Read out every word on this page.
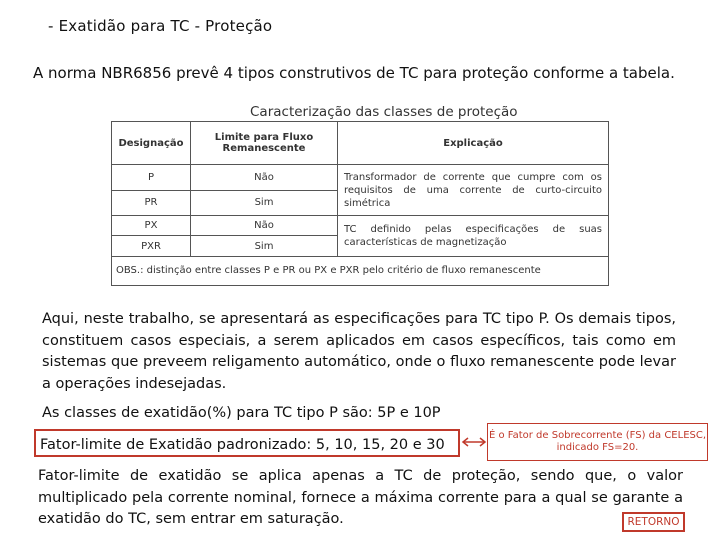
- Exatidão para TC - Proteção
A norma NBR6856 prevê 4 tipos construtivos de TC para proteção conforme a tabela.
Caracterização das classes de proteção
Designação	Limite para Fluxo Remanescente	Explicação
P	Não	Transformador de corrente que cumpre com os requisitos de uma corrente de curto-circuito simétrica
PR	Sim	
PX	Não	TC definido pelas especificações de suas características de magnetização
PXR	Sim	
OBS.: distinção entre classes P e PR ou PX e PXR pelo critério de fluxo remanescente		
Aqui, neste trabalho, se apresentará as especificações para TC tipo P. Os demais tipos, constituem casos especiais, a serem aplicados em casos específicos, tais como em sistemas que preveem religamento automático, onde o fluxo remanescente pode levar a operações indesejadas.
As classes de exatidão(%) para TC tipo P são: 5P e 10P
Fator-limite de Exatidão padronizado: 5, 10, 15, 20 e 30
É o Fator de Sobrecorrente (FS) da CELESC, indicado FS=20.
Fator-limite de exatidão se aplica apenas a TC de proteção, sendo que, o valor multiplicado pela corrente nominal, fornece a máxima corrente para a qual se garante a exatidão do TC, sem entrar em saturação.	RETORNO
